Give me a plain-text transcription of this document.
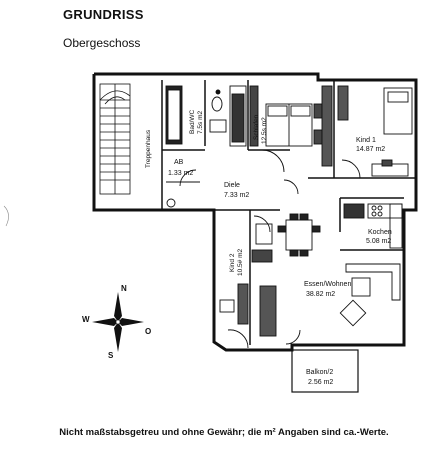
GRUNDRISS
Obergeschoss
Treppenhaus
Bad/WC 7.5s m2	Schlafen 12.5s m2	Kind 1
14.87 m2
AB
1.33 m2
Diele
7.33 m2
Kochen
5.08 m2
Kind 2 10.5# m2
Essen/Wohnen
38.82 m2
Balkon/2
2.56 m2
N
S
W
O
Nicht maßstabsgetreu und ohne Gewähr; die m² Angaben sind ca.-Werte.
